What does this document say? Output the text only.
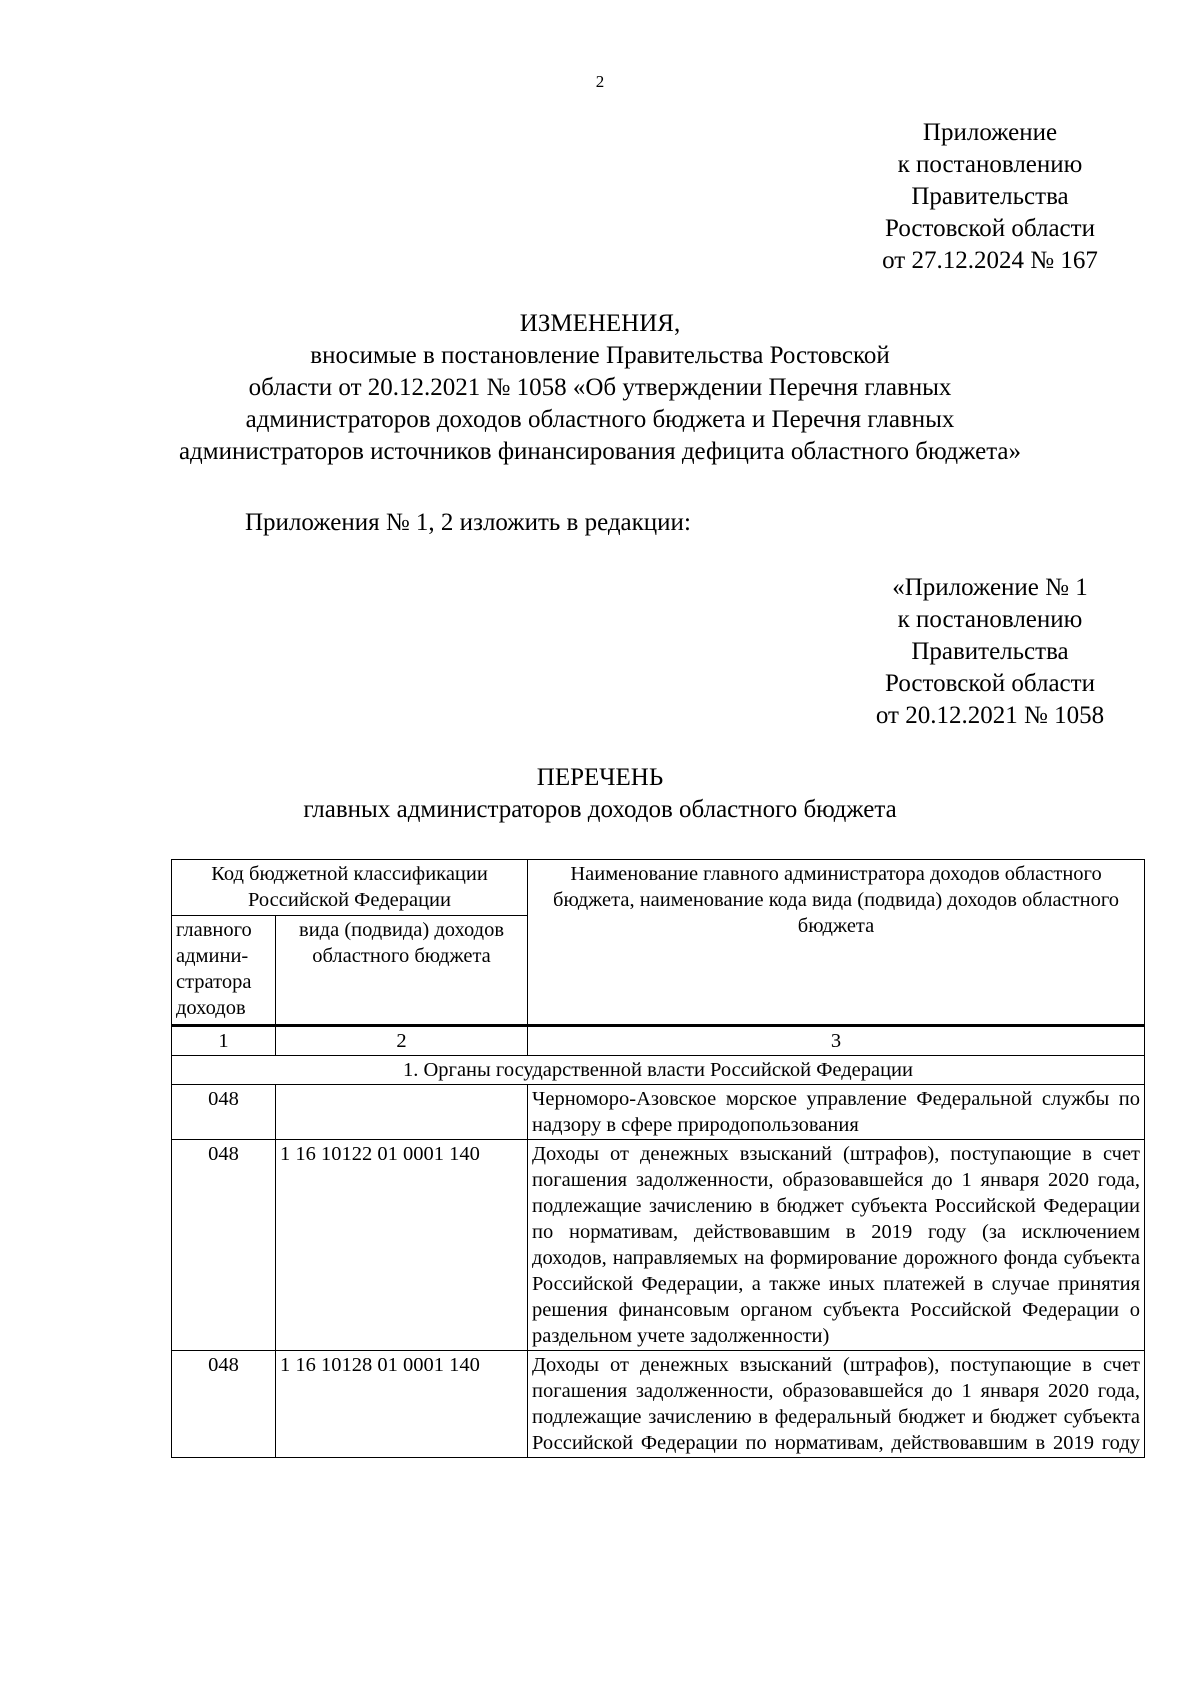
2
Приложение
к постановлению
Правительства
Ростовской области
от 27.12.2024 № 167
ИЗМЕНЕНИЯ,
вносимые в постановление Правительства Ростовской
области от 20.12.2021 № 1058 «Об утверждении Перечня главных
администраторов доходов областного бюджета и Перечня главных
администраторов источников финансирования дефицита областного бюджета»
Приложения № 1, 2 изложить в редакции:
«Приложение № 1
к постановлению
Правительства
Ростовской области
от 20.12.2021 № 1058
ПЕРЕЧЕНЬ
главных администраторов доходов областного бюджета
Код бюджетной классификации Российской Федерации		Наименование главного администратора доходов областного бюджета, наименование кода вида (подвида) доходов областного бюджета
главного админи-стратора доходов	вида (подвида) доходов областного бюджета	
1	2	3
1. Органы государственной власти Российской Федерации		
048		Черноморо-Азовское морское управление Федеральной службы по надзору в сфере природопользования
048	1 16 10122 01 0001 140	Доходы от денежных взысканий (штрафов), поступающие в счет погашения задолженности, образовавшейся до 1 января 2020 года, подлежащие зачислению в бюджет субъекта Российской Федерации по нормативам, действовавшим в 2019 году (за исключением доходов, направляемых на формирование дорожного фонда субъекта Российской Федерации, а также иных платежей в случае принятия решения финансовым органом субъекта Российской Федерации о раздельном учете задолженности)
048	1 16 10128 01 0001 140	Доходы от денежных взысканий (штрафов), поступающие в счет погашения задолженности, образовавшейся до 1 января 2020 года, подлежащие зачислению в федеральный бюджет и бюджет субъекта Российской Федерации по нормативам, действовавшим в 2019 году
